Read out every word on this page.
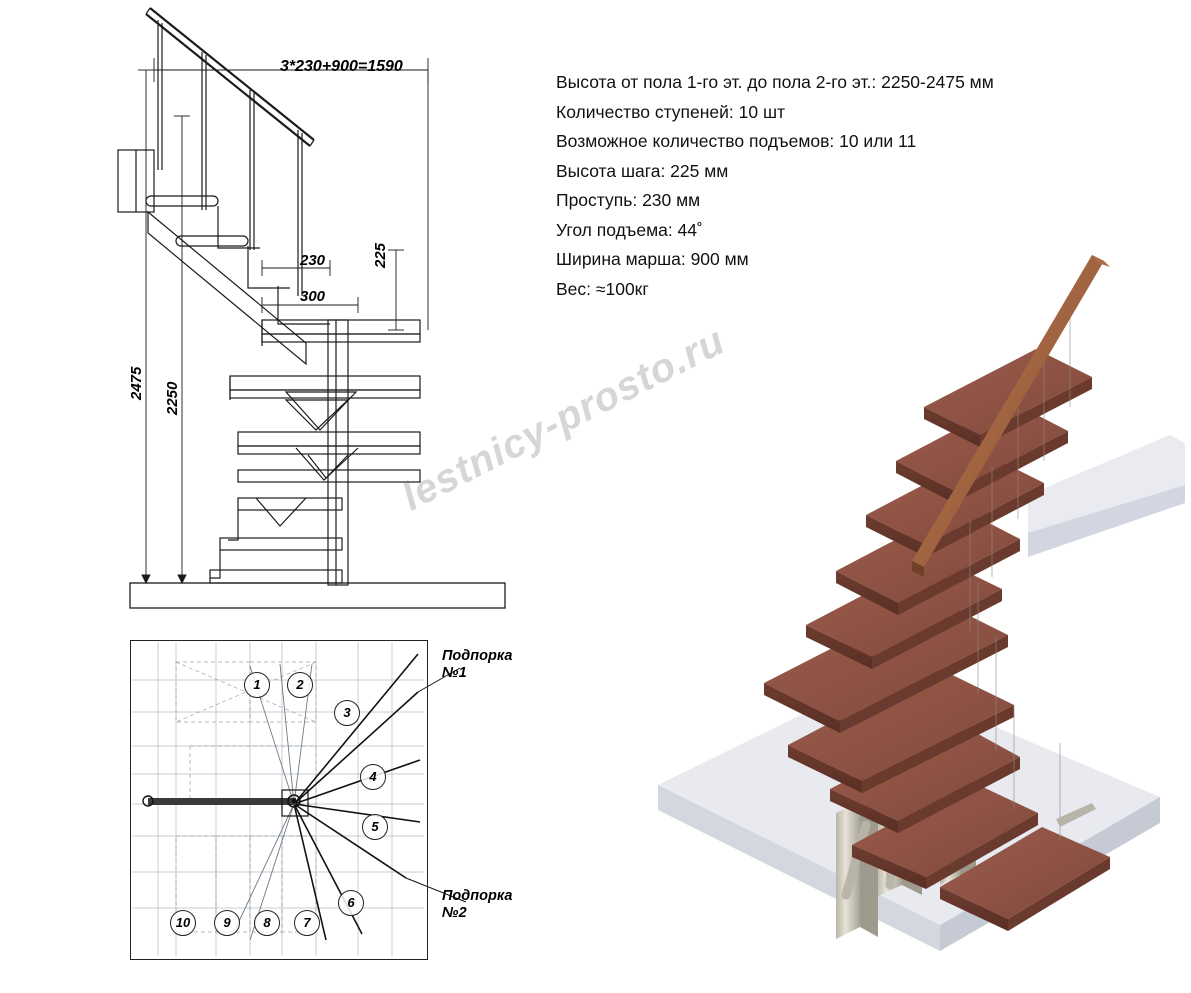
Высота от пола 1-го эт. до пола 2-го эт.: 2250-2475 мм
Количество ступеней: 10 шт
Возможное количество подъемов: 10 или 11
Высота шага: 225 мм
Проступь: 230 мм
Угол подъема: 44˚
Ширина марша: 900 мм
Вес: ≈100кг
3*230+900=1590
230
300
225
2475 2250
1	2
3
4
5
6
7
8
9
10
Подпорка
№1
Подпорка
№2
lestnicy-prosto.ru
